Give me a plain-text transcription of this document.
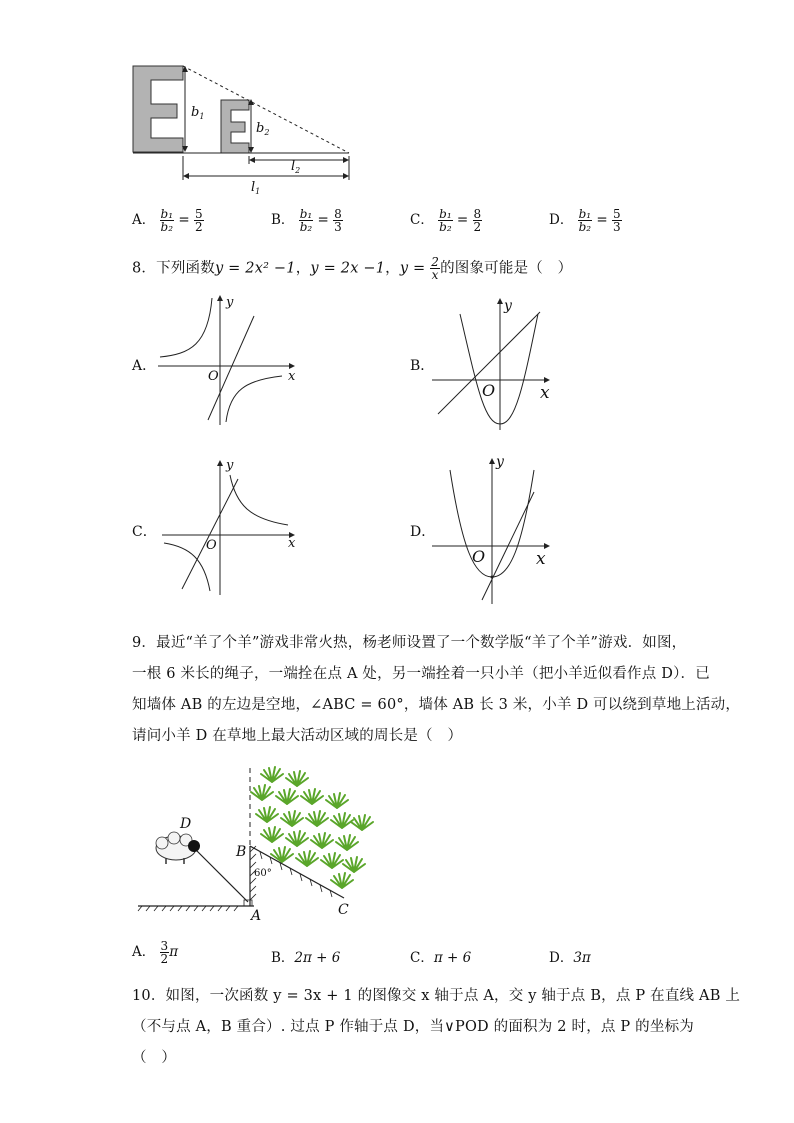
$b_1$
$b_2$
$l_2$
$l_1$
A． $\frac{\text{b₁}}{\text{b₂}} = \frac{5}{2}$	B． $\frac{\text{b₁}}{\text{b₂}} = \frac{8}{3}$	C． $\frac{\text{b₁}}{\text{b₂}} = \frac{8}{2}$	D． $\frac{\text{b₁}}{\text{b₂}} = \frac{5}{3}$
8．下列函数y = 2x² −1，y = 2x −1，$y = \frac{2}{x}$ 的图象可能是（　）
A．
y
x
O
B．
y
x
O
C．
y
x
O
D．
y
x
O
9．最近“羊了个羊”游戏非常火热，杨老师设置了一个数学版“羊了个羊”游戏．如图，
一根 6 米长的绳子，一端拴在点 A 处，另一端拴着一只小羊（把小羊近似看作点 D）．已
知墙体 AB 的左边是空地，∠ABC = 60°，墙体 AB 长 3 米，小羊 D 可以绕到草地上活动，
请问小羊 D 在草地上最大活动区域的周长是（　）
D
B
A	C
60°
A． $\frac{3}{2}$ π	B．2π + 6	C．π + 6	D．3π
10．如图，一次函数 y = 3x + 1 的图像交 x 轴于点 A，交 y 轴于点 B，点 P 在直线 AB 上
（不与点 A，B 重合）. 过点 P 作轴于点 D，当∨POD 的面积为 2 时，点 P 的坐标为
（　）
